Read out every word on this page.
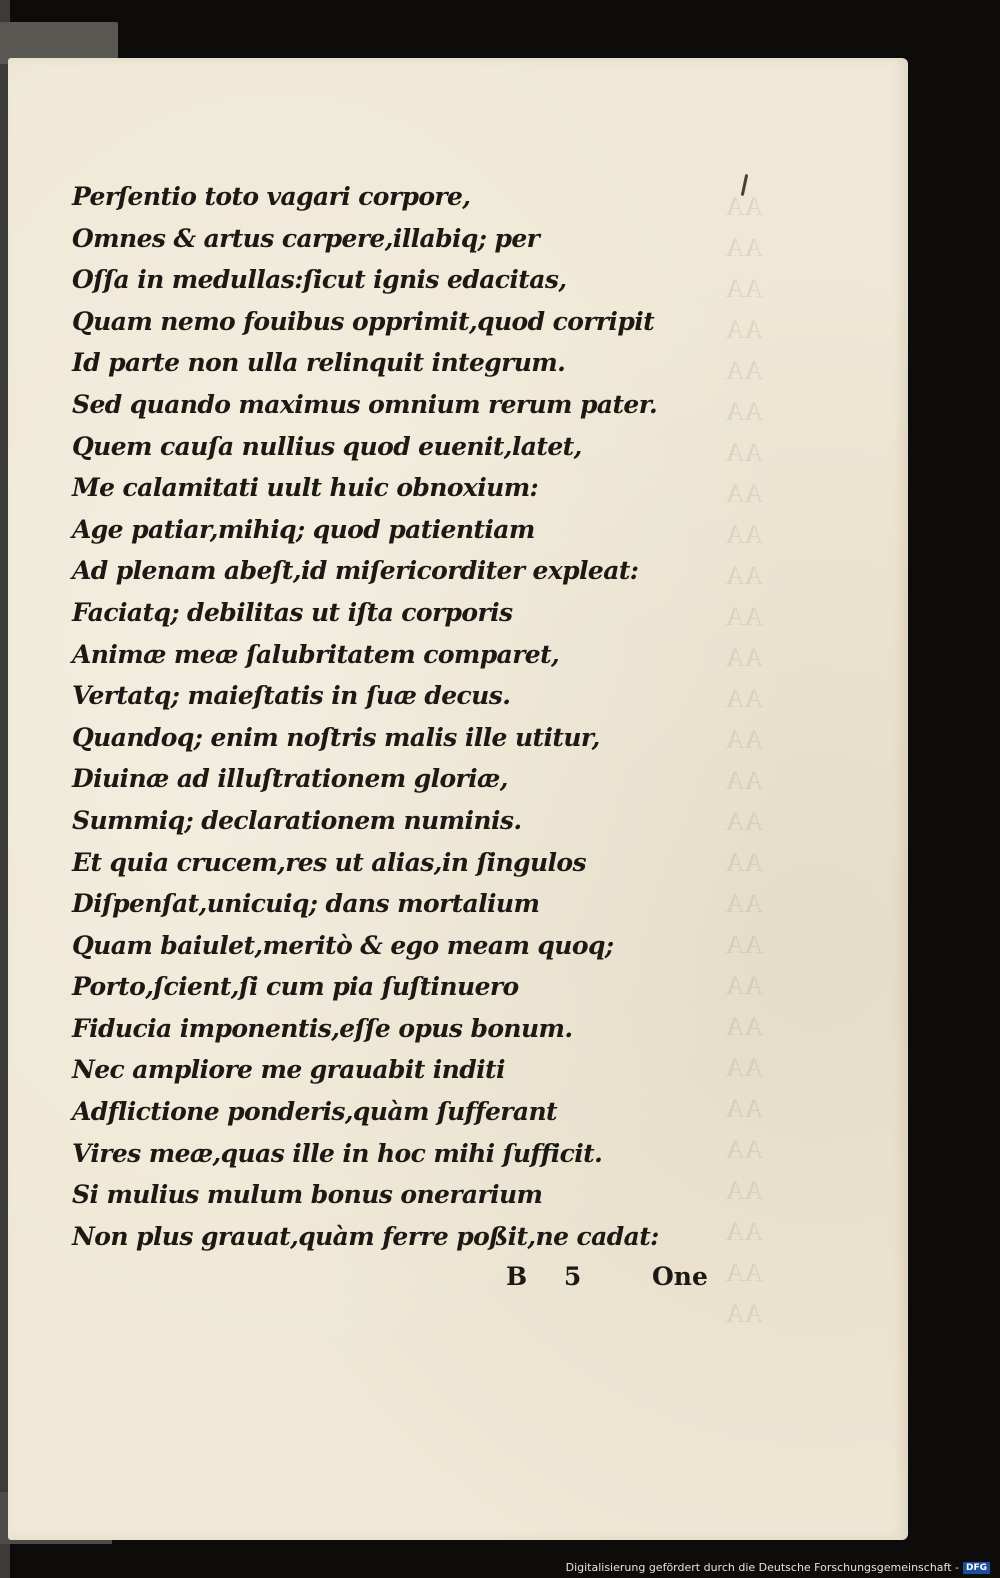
AA
AA
AA
AA
AA
AA
AA
AA
AA
AA
AA
AA
AA
AA
AA
AA
AA
AA
AA
AA
AA
AA
AA
AA
AA
AA
AA
AA
Perſentio toto vagari corpore,
Omnes & artus carpere,illabiq; per
Oſſa in medullas:ſicut ignis edacitas,
Quam nemo fouibus opprimit,quod corripit
Id parte non ulla relinquit integrum.
Sed quando maximus omnium rerum pater.
Quem cauſa nullius quod euenit,latet,
Me calamitati uult huic obnoxium:
Age patiar,mihiq; quod patientiam
Ad plenam abeſt,id miſericorditer expleat:
Faciatq; debilitas ut iſta corporis
Animæ meæ ſalubritatem comparet,
Vertatq; maieſtatis in ſuæ decus.
Quandoq; enim noſtris malis ille utitur,
Diuinæ ad illuſtrationem gloriæ,
Summiq; declarationem numinis.
Et quia crucem,res ut alias,in ſingulos
Diſpenſat,unicuiq; dans mortalium
Quam baiulet,meritò & ego meam quoq;
Porto,ſcient,ſi cum pia ſuſtinuero
Fiducia imponentis,eſſe opus bonum.
Nec ampliore me grauabit inditi
Adflictione ponderis,quàm ſufferant
Vires meæ,quas ille in hoc mihi ſufficit.
Si mulius mulum bonus onerarium
Non plus grauat,quàm ferre poßit,ne cadat:
B 5 One
Digitalisierung gefördert durch die Deutsche Forschungsgemeinschaft - DFG
